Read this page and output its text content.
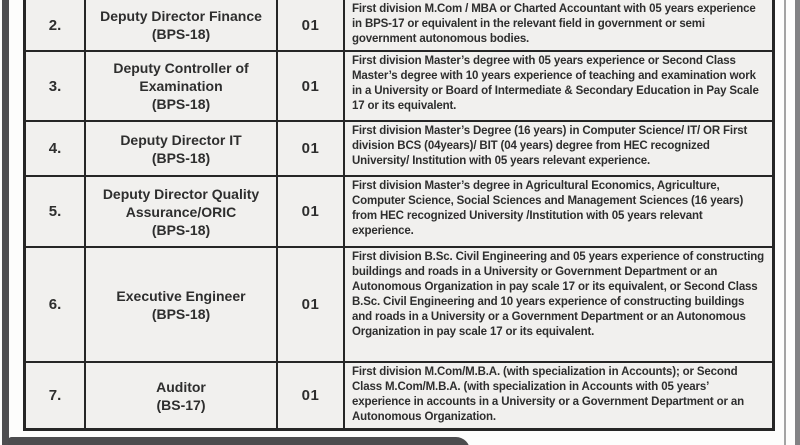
2.
Deputy Director Finance
(BPS-18)
01
First division M.Com / MBA or Charted Accountant with 05 years experience in BPS-17 or equivalent in the relevant field in government or semi government autonomous bodies.
3.
Deputy Controller of Examination
(BPS-18)
01
First division Master’s degree with 05 years experience or Second Class Master’s degree with 10 years experience of teaching and examination work in a University or Board of Intermediate & Secondary Education in Pay Scale 17 or its equivalent.
4.
Deputy Director IT
(BPS-18)
01
First division Master’s Degree (16 years) in Computer Science/ IT/ OR First division BCS (04years)/ BIT (04 years) degree from HEC recognized University/ Institution with 05 years relevant experience.
5.
Deputy Director Quality Assurance/ORIC
(BPS-18)
01
First division Master’s degree in Agricultural Economics, Agriculture, Computer Science, Social Sciences and Management Sciences (16 years) from HEC recognized University /Institution with 05 years relevant experience.
6.
Executive Engineer
(BPS-18)
01
First division B.Sc. Civil Engineering and 05 years experience of constructing buildings and roads in a University or Government Department or an Autonomous Organization in pay scale 17 or its equivalent, or Second Class B.Sc. Civil Engineering and 10 years experience of constructing buildings and roads in a University or a Government Department or an Autonomous Organization in pay scale 17 or its equivalent.
7.
Auditor
(BS-17)
01
First division M.Com/M.B.A. (with specialization in Accounts); or Second Class M.Com/M.B.A. (with specialization in Accounts with 05 years’ experience in accounts in a University or a Government Department or an Autonomous Organization.
